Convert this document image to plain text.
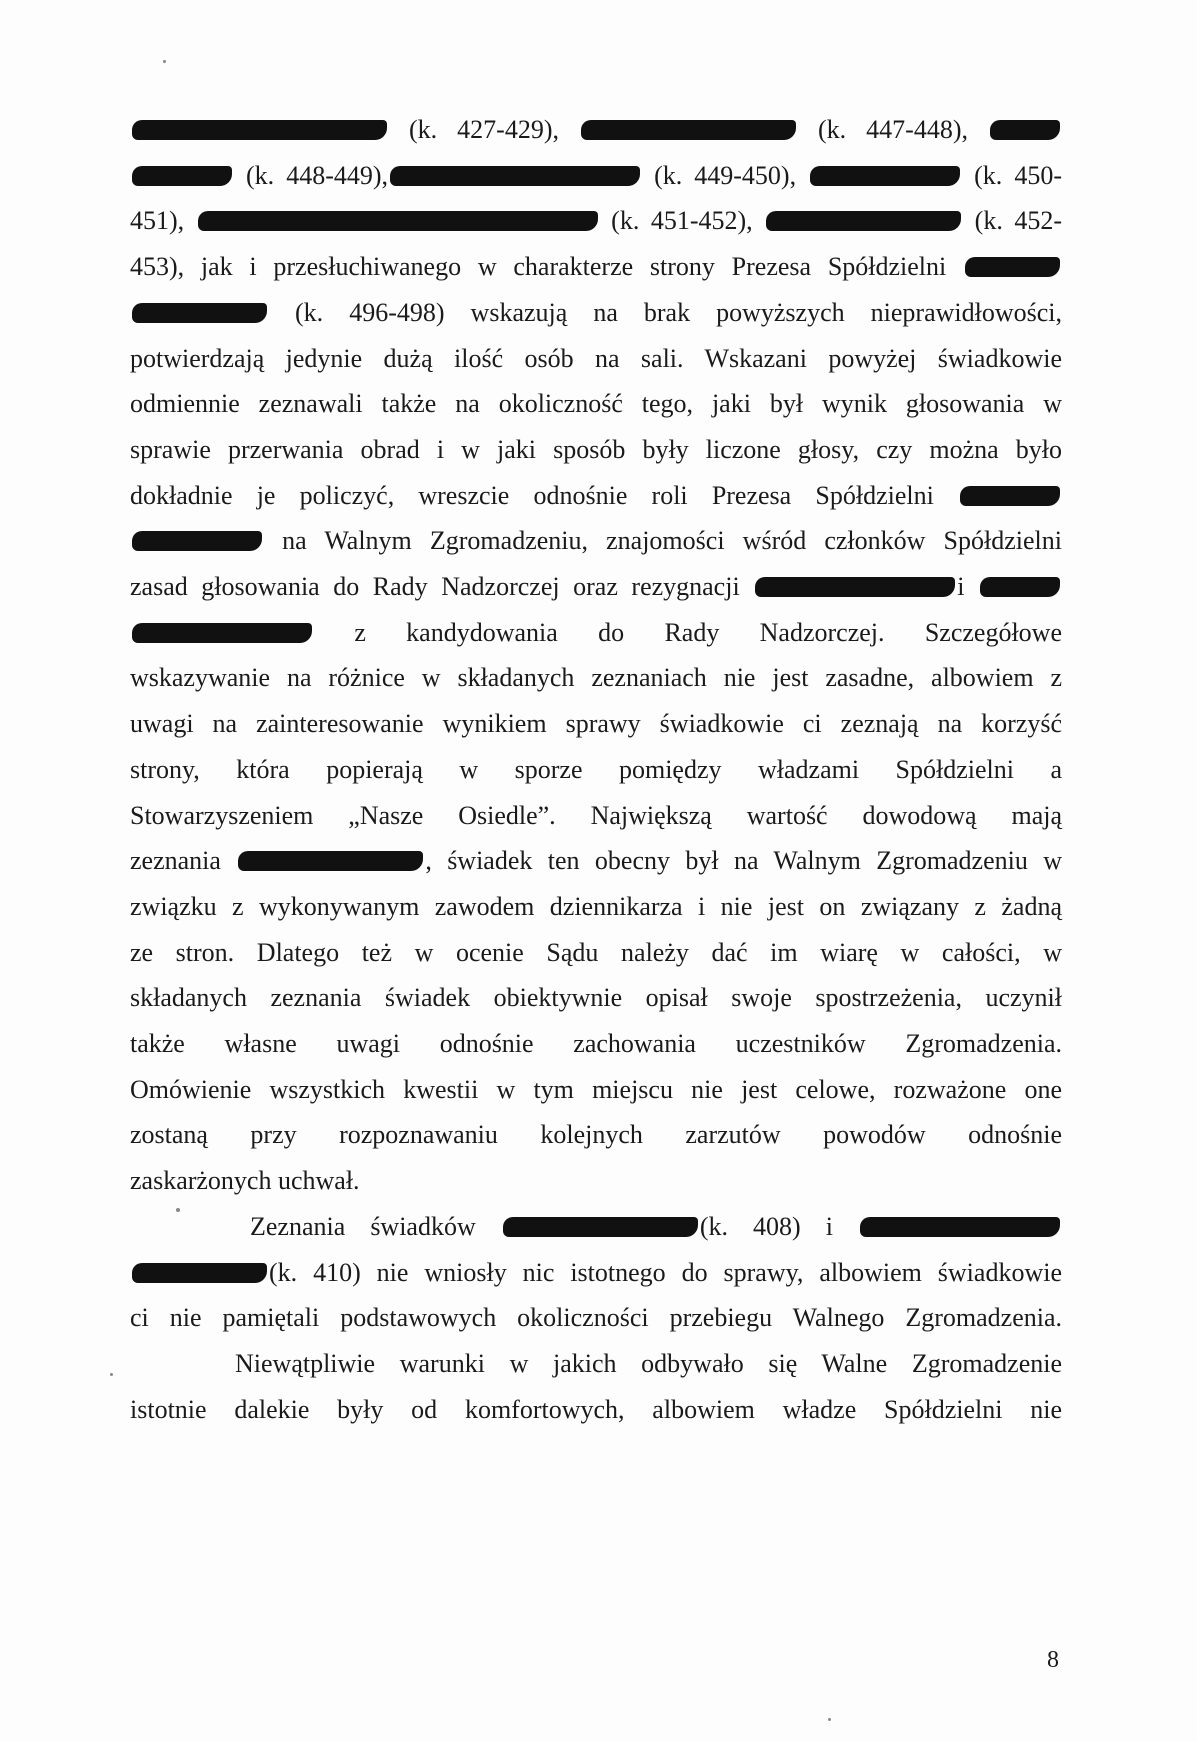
(k. 427-429),	(k. 447-448),
(k. 448-449),	(k. 449-450),	(k. 450-
451),	(k. 451-452),	(k. 452-
453), jak i przesłuchiwanego w charakterze strony Prezesa Spółdzielni
(k. 496-498) wskazują na brak powyższych nieprawidłowości,
potwierdzają jedynie dużą ilość osób na sali. Wskazani powyżej świadkowie
odmiennie zeznawali także na okoliczność tego, jaki był wynik głosowania w
sprawie przerwania obrad i w jaki sposób były liczone głosy, czy można było
dokładnie je policzyć, wreszcie odnośnie roli Prezesa Spółdzielni
na Walnym Zgromadzeniu, znajomości wśród członków Spółdzielni
zasad głosowania do Rady Nadzorczej oraz rezygnacji	i
z kandydowania do Rady Nadzorczej. Szczegółowe
wskazywanie na różnice w składanych zeznaniach nie jest zasadne, albowiem z
uwagi na zainteresowanie wynikiem sprawy świadkowie ci zeznają na korzyść
strony, która popierają w sporze pomiędzy władzami Spółdzielni a
Stowarzyszeniem „Nasze Osiedle”. Największą wartość dowodową mają
zeznania	, świadek ten obecny był na Walnym Zgromadzeniu w
związku z wykonywanym zawodem dziennikarza i nie jest on związany z żadną
ze stron. Dlatego też w ocenie Sądu należy dać im wiarę w całości, w
składanych zeznania świadek obiektywnie opisał swoje spostrzeżenia, uczynił
także własne uwagi odnośnie zachowania uczestników Zgromadzenia.
Omówienie wszystkich kwestii w tym miejscu nie jest celowe, rozważone one
zostaną przy rozpoznawaniu kolejnych zarzutów powodów odnośnie
zaskarżonych uchwał.
Zeznania świadków	(k. 408) i
(k. 410) nie wniosły nic istotnego do sprawy, albowiem świadkowie
ci nie pamiętali podstawowych okoliczności przebiegu Walnego Zgromadzenia.
Niewątpliwie warunki w jakich odbywało się Walne Zgromadzenie
istotnie dalekie były od komfortowych, albowiem władze Spółdzielni nie
8
